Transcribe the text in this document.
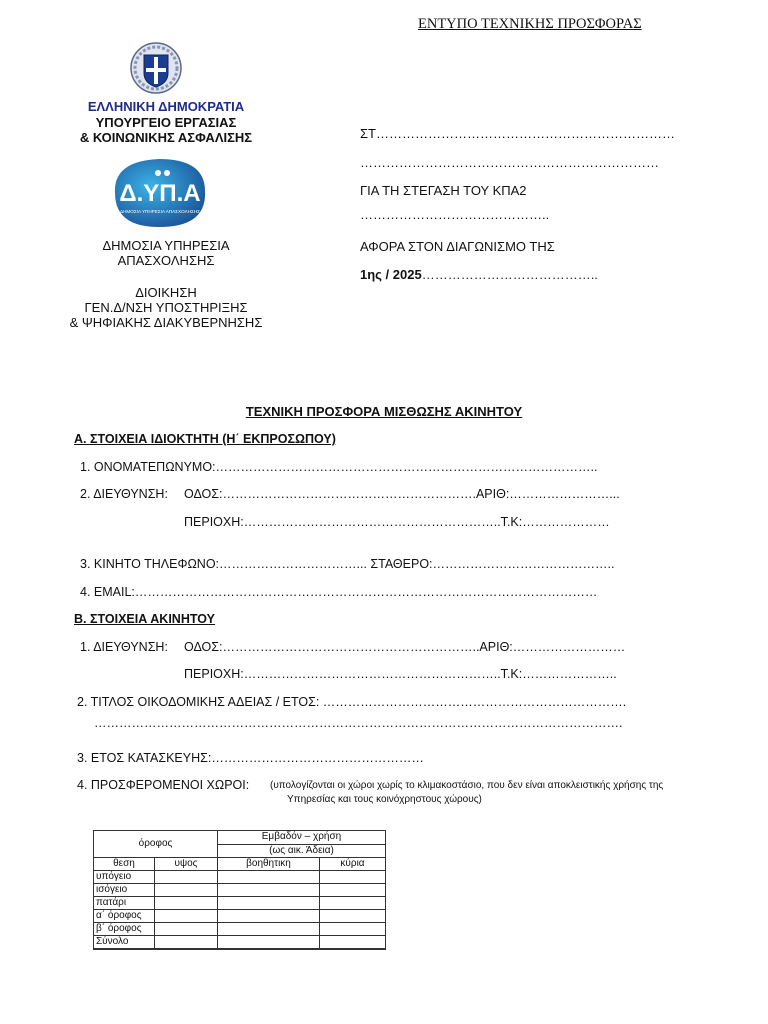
ΕΝΤΥΠΟ ΤΕΧΝΙΚΗΣ ΠΡΟΣΦΟΡΑΣ
ΕΛΛΗΝΙΚΗ ΔΗΜΟΚΡΑΤΙΑ
ΥΠΟΥΡΓΕΙΟ ΕΡΓΑΣΙΑΣ
& ΚΟΙΝΩΝΙΚΗΣ ΑΣΦΑΛΙΣΗΣ
Δ.ΥΠ.Α
ΔΗΜΟΣΙΑ ΥΠΗΡΕΣΙΑ ΑΠΑΣΧΟΛΗΣΗΣ
ΔΗΜΟΣΙΑ ΥΠΗΡΕΣΙΑ
ΑΠΑΣΧΟΛΗΣΗΣ
ΔΙΟΙΚΗΣΗ
ΓΕΝ.Δ/ΝΣΗ ΥΠΟΣΤΗΡΙΞΗΣ
& ΨΗΦΙΑΚΗΣ ΔΙΑΚΥΒΕΡΝΗΣΗΣ
ΣΤ……………………………………………………………
……………………………………………………………
ΓΙΑ ΤΗ ΣΤΕΓΑΣΗ ΤΟΥ ΚΠΑ2
……………………………………..
ΑΦΟΡΑ ΣΤΟΝ ΔΙΑΓΩΝΙΣΜΟ ΤΗΣ
1ης / 2025…………………………………..
ΤΕΧΝΙΚΗ ΠΡΟΣΦΟΡΑ ΜΙΣΘΩΣΗΣ ΑΚΙΝΗΤΟΥ
Α. ΣΤΟΙΧΕΙΑ ΙΔΙΟΚΤΗΤΗ (Η΄ ΕΚΠΡΟΣΩΠΟΥ)
1. ΟΝΟΜΑΤΕΠΩΝΥΜΟ:………………………………………………………………………………..
2. ΔΙΕΥΘΥΝΣΗ: ΟΔΟΣ:…………………………………………………….ΑΡΙΘ:……………………...
ΠΕΡΙΟΧΗ:……………………………………………………..Τ.Κ:…………………
3. ΚΙΝΗΤΟ ΤΗΛΕΦΩΝΟ:……………………………... ΣΤΑΘΕΡΟ:……………………………………..
4. EMAIL:…………………………………………………………………………………………………
Β. ΣΤΟΙΧΕΙΑ ΑΚΙΝΗΤΟΥ
1. ΔΙΕΥΘΥΝΣΗ: ΟΔΟΣ:……………………………………………………..ΑΡΙΘ:………………………
ΠΕΡΙΟΧΗ:……………………………………………………..Τ.Κ:…………………..
2. ΤΙΤΛΟΣ ΟΙΚΟΔΟΜΙΚΗΣ ΑΔΕΙΑΣ / ΕΤΟΣ: ……………………………………………………………….
……………………………………………………………………………………………………………….
3. ΕΤΟΣ ΚΑΤΑΣΚΕΥΗΣ:……………………………………………
4. ΠΡΟΣΦΕΡΟΜΕΝΟΙ ΧΩΡΟΙ: (υπολογίζονται οι χώροι χωρίς το κλιμακοστάσιο, που δεν είναι αποκλειστικής χρήσης της
Υπηρεσίας και τους κοινόχρηστους χώρους)
όροφος		Εμβαδόν – χρήση	

		(ως αικ. Άδεια)	
θεση	υψος	βοηθητικη	κύρια
υπόγειο			
ισόγειο			
πατάρι			
α΄ όροφος			
β΄ όροφος			
Σύνολο			
